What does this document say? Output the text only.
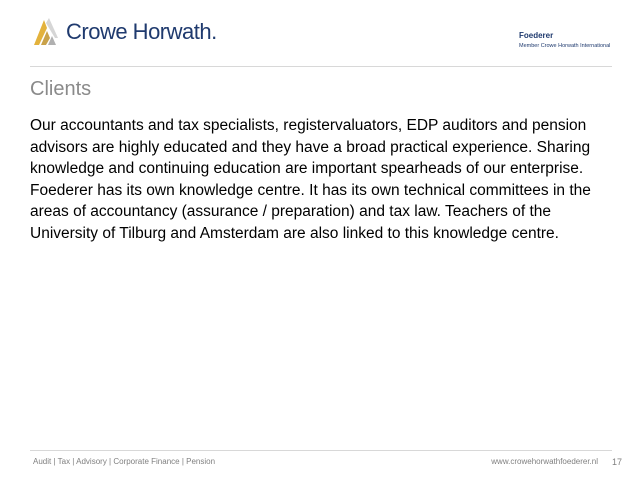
Crowe Horwath.	Foederer
Member Crowe Horwath International
Clients

Our accountants and tax specialists, registervaluators, EDP auditors and pension advisors are highly educated and they have a broad practical experience. Sharing knowledge and continuing education are important spearheads of our enterprise. Foederer has its own knowledge centre. It has its own technical committees in the areas of accountancy (assurance / preparation) and tax law. Teachers of the University of Tilburg and Amsterdam are also linked to this knowledge centre.

Audit | Tax | Advisory | Corporate Finance | Pension	www.crowehorwathfoederer.nl 17
